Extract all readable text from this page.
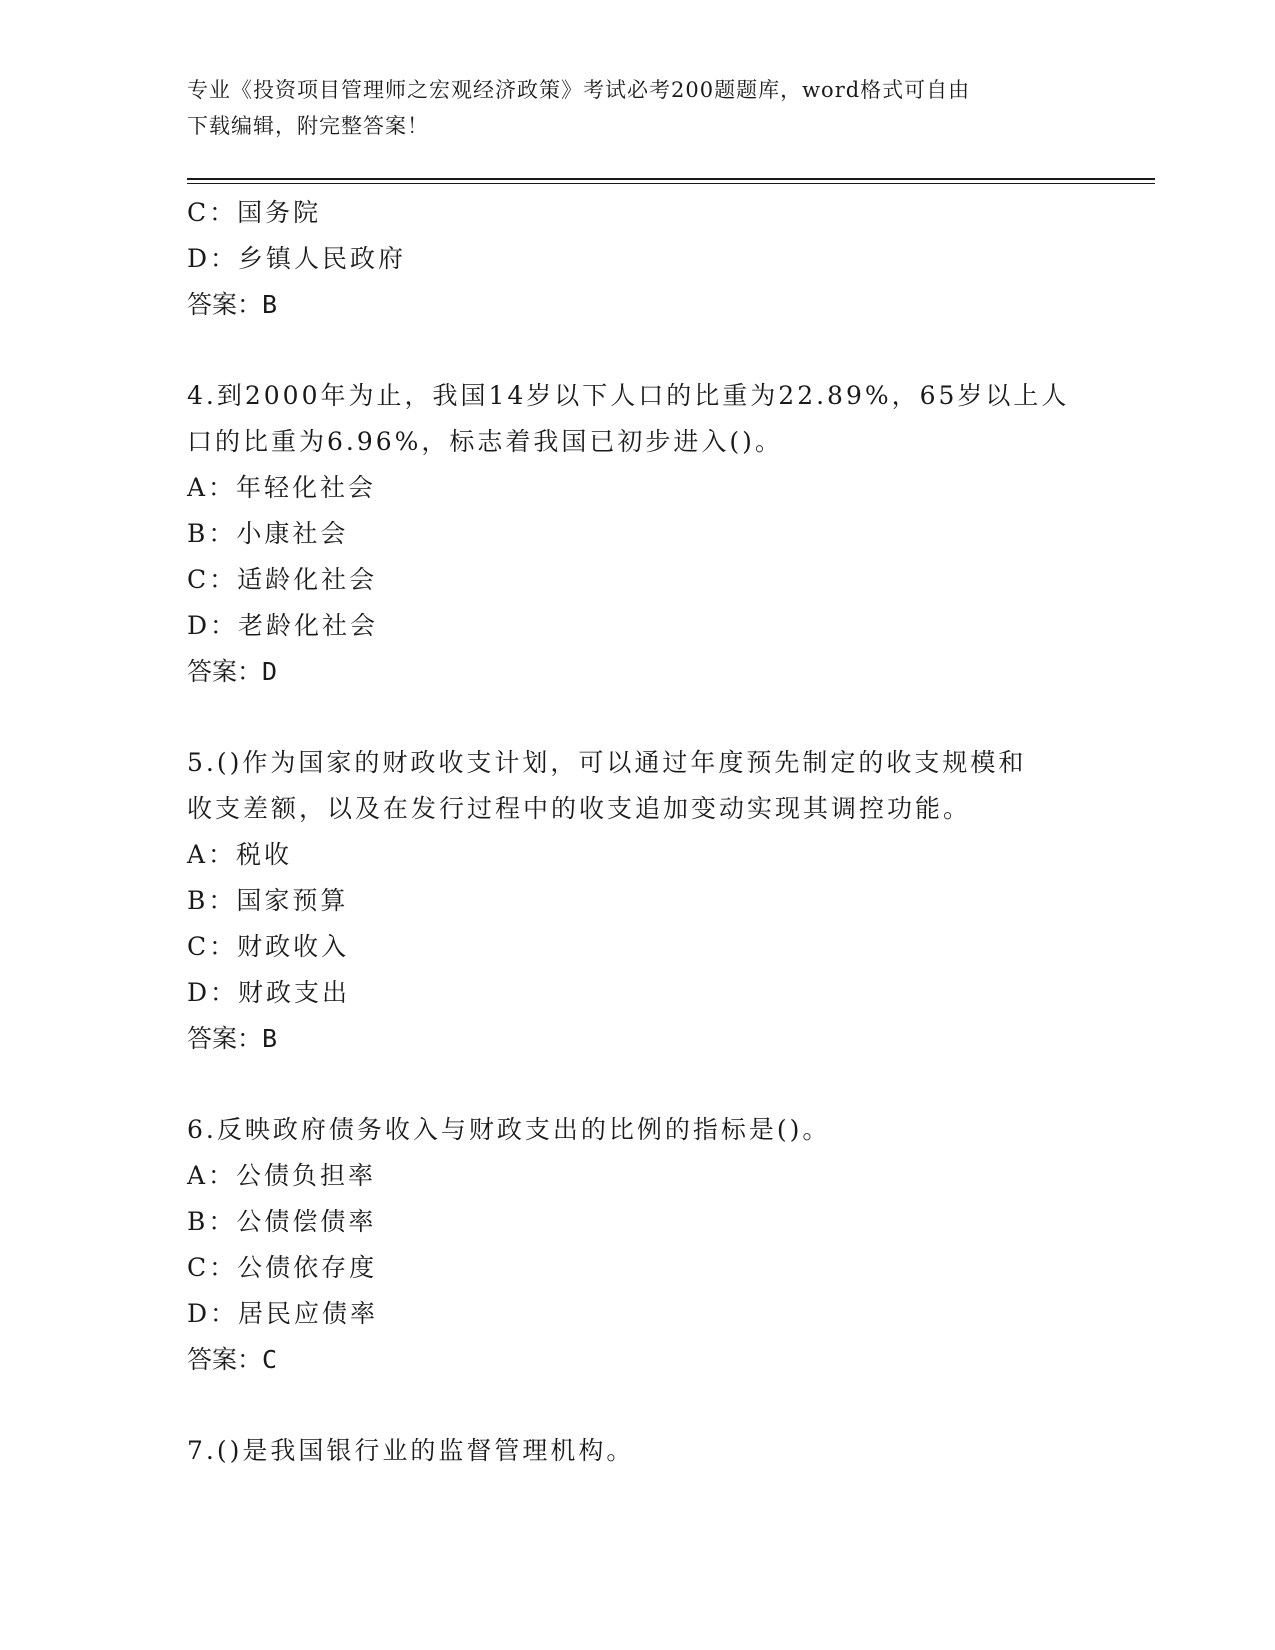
专业《投资项目管理师之宏观经济政策》考试必考200题题库，word格式可自由
下载编辑，附完整答案！
C：国务院
D：乡镇人民政府
答案：B
4.到2000年为止，我国14岁以下人口的比重为22.89%，65岁以上人
口的比重为6.96%，标志着我国已初步进入()。
A：年轻化社会
B：小康社会
C：适龄化社会
D：老龄化社会
答案：D
5.()作为国家的财政收支计划，可以通过年度预先制定的收支规模和
收支差额，以及在发行过程中的收支追加变动实现其调控功能。
A：税收
B：国家预算
C：财政收入
D：财政支出
答案：B
6.反映政府债务收入与财政支出的比例的指标是()。
A：公债负担率
B：公债偿债率
C：公债依存度
D：居民应债率
答案：C
7.()是我国银行业的监督管理机构。
